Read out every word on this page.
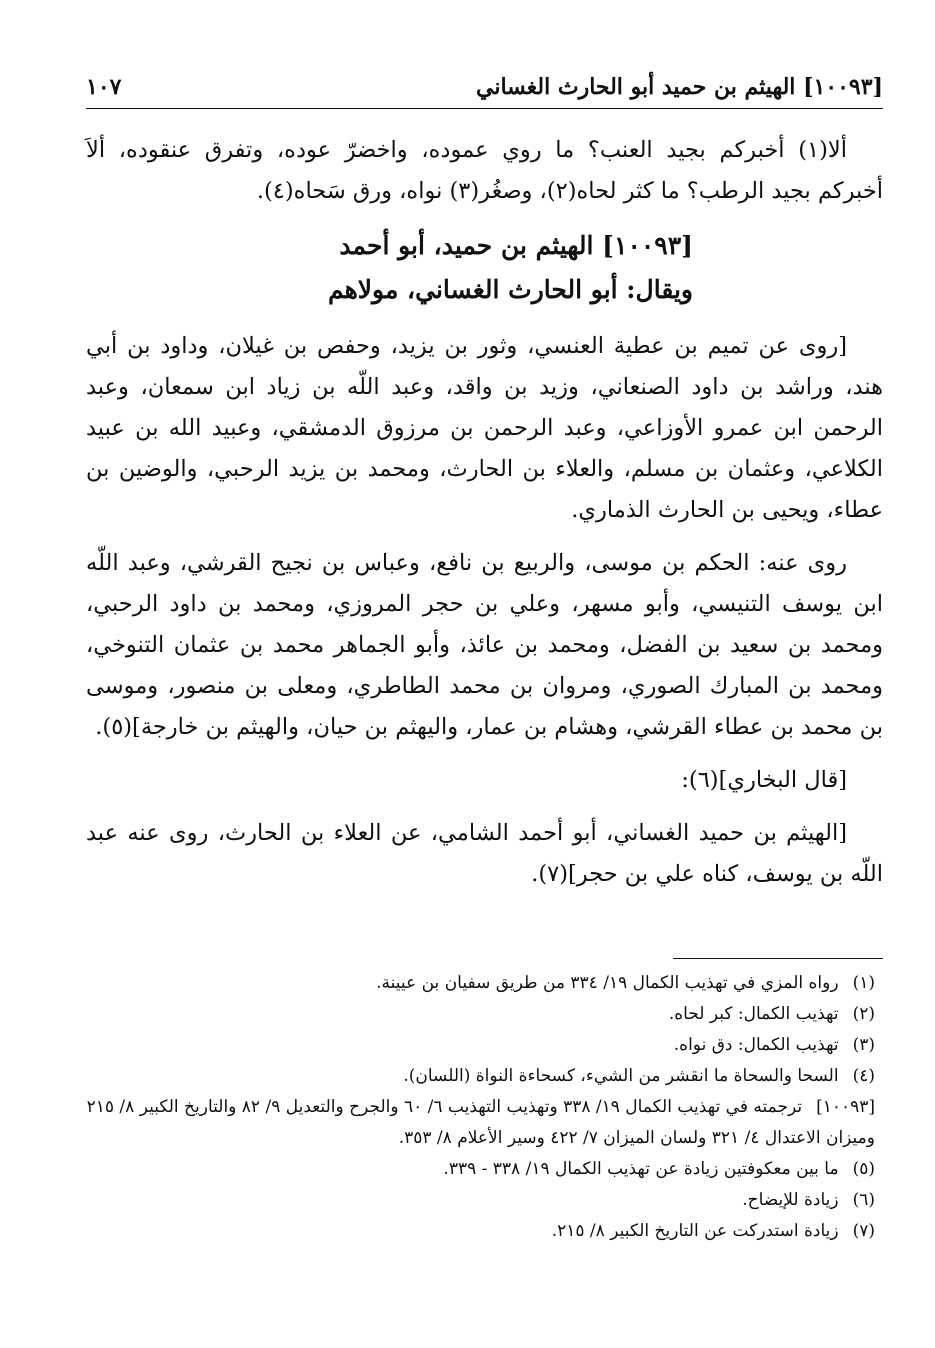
[١٠٠٩٣] الهيثم بن حميد أبو الحارث الغساني
١٠٧

ألا(١) أخبركم بجيد العنب؟ ما روي عموده، واخضرّ عوده، وتفرق عنقوده، ألاَ أخبركم بجيد الرطب؟ ما كثر لحاه(٢)، وصغُر(٣) نواه، ورق سَحاه(٤).

[١٠٠٩٣] الهيثم بن حميد، أبو أحمد
ويقال: أبو الحارث الغساني، مولاهم

[روى عن تميم بن عطية العنسي، وثور بن يزيد، وحفص بن غيلان، وداود بن أبي هند، وراشد بن داود الصنعاني، وزيد بن واقد، وعبد اللّه بن زياد ابن سمعان، وعبد الرحمن ابن عمرو الأوزاعي، وعبد الرحمن بن مرزوق الدمشقي، وعبيد الله بن عبيد الكلاعي، وعثمان بن مسلم، والعلاء بن الحارث، ومحمد بن يزيد الرحبي، والوضين بن عطاء، ويحيى بن الحارث الذماري.

روى عنه: الحكم بن موسى، والربيع بن نافع، وعباس بن نجيح القرشي، وعبد اللّه ابن يوسف التنيسي، وأبو مسهر، وعلي بن حجر المروزي، ومحمد بن داود الرحبي، ومحمد بن سعيد بن الفضل، ومحمد بن عائذ، وأبو الجماهر محمد بن عثمان التنوخي، ومحمد بن المبارك الصوري، ومروان بن محمد الطاطري، ومعلى بن منصور، وموسى بن محمد بن عطاء القرشي، وهشام بن عمار، واليهثم بن حيان، والهيثم بن خارجة](٥).

[قال البخاري](٦):

[الهيثم بن حميد الغساني، أبو أحمد الشامي، عن العلاء بن الحارث، روى عنه عبد اللّه بن يوسف، كناه علي بن حجر](٧).

(١)رواه المزي في تهذيب الكمال ١٩/ ٣٣٤ من طريق سفيان بن عيينة.
(٢)تهذيب الكمال: كبر لحاه.
(٣)تهذيب الكمال: دق نواه.
(٤)السحا والسحاة ما انقشر من الشيء، كسحاءة النواة (اللسان).
[١٠٠٩٣]ترجمته في تهذيب الكمال ١٩/ ٣٣٨ وتهذيب التهذيب ٦/ ٦٠ والجرح والتعديل ٩/ ٨٢ والتاريخ الكبير ٨/ ٢١٥ وميزان الاعتدال ٤/ ٣٢١ ولسان الميزان ٧/ ٤٢٢ وسير الأعلام ٨/ ٣٥٣.
(٥)ما بين معكوفتين زيادة عن تهذيب الكمال ١٩/ ٣٣٨ - ٣٣٩.
(٦)زيادة للإيضاح.
(٧)زيادة استدركت عن التاريخ الكبير ٨/ ٢١٥.
